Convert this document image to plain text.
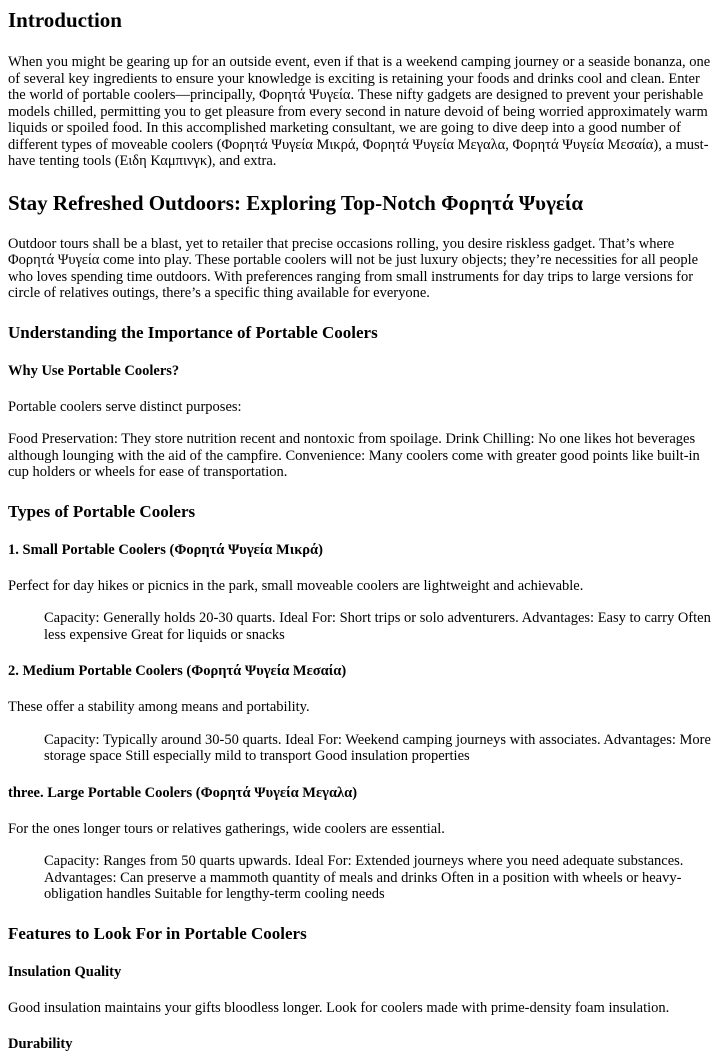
Introduction

When you might be gearing up for an outside event, even if that is a weekend camping journey or a seaside bonanza, one of several key ingredients to ensure your knowledge is exciting is retaining your foods and drinks cool and clean. Enter the world of portable coolers—principally, Φορητά Ψυγεία. These nifty gadgets are designed to prevent your perishable models chilled, permitting you to get pleasure from every second in nature devoid of being worried approximately warm liquids or spoiled food. In this accomplished marketing consultant, we are going to dive deep into a good number of different types of moveable coolers (Φορητά Ψυγεία Μικρά, Φορητά Ψυγεία Μεγαλα, Φορητά Ψυγεία Μεσαία), a must-have tenting tools (Ειδη Καμπινγκ), and extra.

Stay Refreshed Outdoors: Exploring Top-Notch Φορητά Ψυγεία

Outdoor tours shall be a blast, yet to retailer that precise occasions rolling, you desire riskless gadget. That’s where Φορητά Ψυγεία come into play. These portable coolers will not be just luxury objects; they’re necessities for all people who loves spending time outdoors. With preferences ranging from small instruments for day trips to large versions for circle of relatives outings, there’s a specific thing available for everyone.

Understanding the Importance of Portable Coolers
Why Use Portable Coolers?

Portable coolers serve distinct purposes:

Food Preservation: They store nutrition recent and nontoxic from spoilage. Drink Chilling: No one likes hot beverages although lounging with the aid of the campfire. Convenience: Many coolers come with greater good points like built-in cup holders or wheels for ease of transportation.

Types of Portable Coolers
1. Small Portable Coolers (Φορητά Ψυγεία Μικρά)

Perfect for day hikes or picnics in the park, small moveable coolers are lightweight and achievable.

Capacity: Generally holds 20-30 quarts. Ideal For: Short trips or solo adventurers. Advantages: Easy to carry Often less expensive Great for liquids or snacks
2. Medium Portable Coolers (Φορητά Ψυγεία Μεσαία)

These offer a stability among means and portability.

Capacity: Typically around 30-50 quarts. Ideal For: Weekend camping journeys with associates. Advantages: More storage space Still especially mild to transport Good insulation properties
three. Large Portable Coolers (Φορητά Ψυγεία Μεγαλα)

For the ones longer tours or relatives gatherings, wide coolers are essential.

Capacity: Ranges from 50 quarts upwards. Ideal For: Extended journeys where you need adequate substances. Advantages: Can preserve a mammoth quantity of meals and drinks Often in a position with wheels or heavy-obligation handles Suitable for lengthy-term cooling needs
Features to Look For in Portable Coolers
Insulation Quality

Good insulation maintains your gifts bloodless longer. Look for coolers made with prime-density foam insulation.

Durability
